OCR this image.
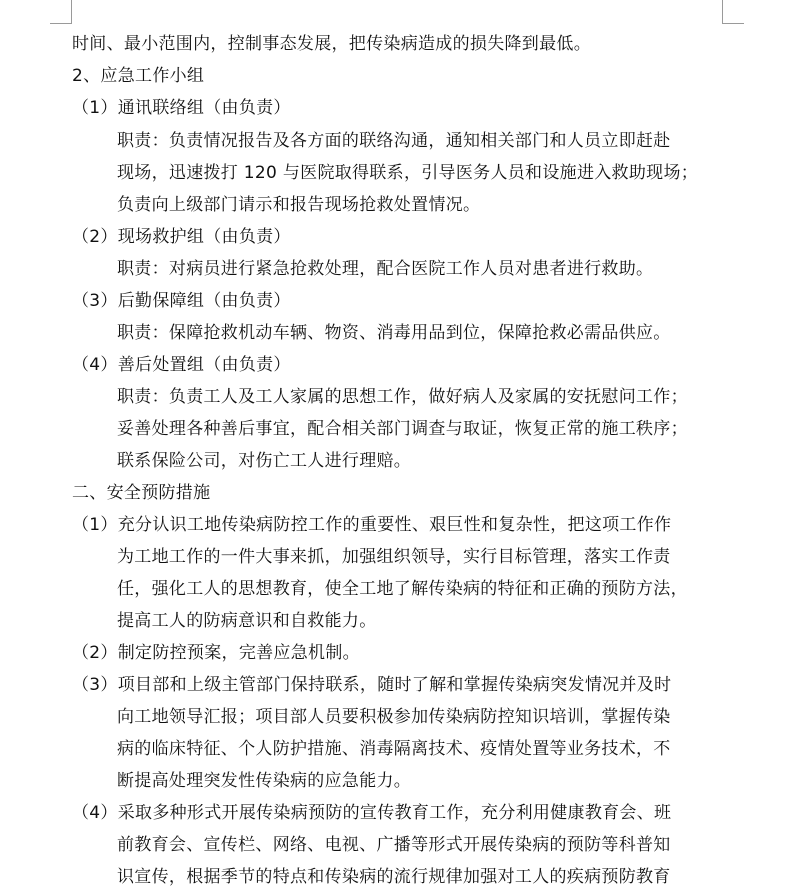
时间、最小范围内，控制事态发展，把传染病造成的损失降到最低。
2、应急工作小组
（1）通讯联络组（由负责）
职责：负责情况报告及各方面的联络沟通，通知相关部门和人员立即赶赴
现场，迅速拨打 120 与医院取得联系，引导医务人员和设施进入救助现场；
负责向上级部门请示和报告现场抢救处置情况。
（2）现场救护组（由负责）
职责：对病员进行紧急抢救处理，配合医院工作人员对患者进行救助。
（3）后勤保障组（由负责）
职责：保障抢救机动车辆、物资、消毒用品到位，保障抢救必需品供应。
（4）善后处置组（由负责）
职责：负责工人及工人家属的思想工作，做好病人及家属的安抚慰问工作；
妥善处理各种善后事宜，配合相关部门调查与取证，恢复正常的施工秩序；
联系保险公司，对伤亡工人进行理赔。
二、安全预防措施
（1）充分认识工地传染病防控工作的重要性、艰巨性和复杂性，把这项工作作
为工地工作的一件大事来抓，加强组织领导，实行目标管理，落实工作责
任，强化工人的思想教育，使全工地了解传染病的特征和正确的预防方法，
提高工人的防病意识和自救能力。
（2）制定防控预案，完善应急机制。
（3）项目部和上级主管部门保持联系，随时了解和掌握传染病突发情况并及时
向工地领导汇报；项目部人员要积极参加传染病防控知识培训，掌握传染
病的临床特征、个人防护措施、消毒隔离技术、疫情处置等业务技术，不
断提高处理突发性传染病的应急能力。
（4）采取多种形式开展传染病预防的宣传教育工作，充分利用健康教育会、班
前教育会、宣传栏、网络、电视、广播等形式开展传染病的预防等科普知
识宣传，根据季节的特点和传染病的流行规律加强对工人的疾病预防教育
